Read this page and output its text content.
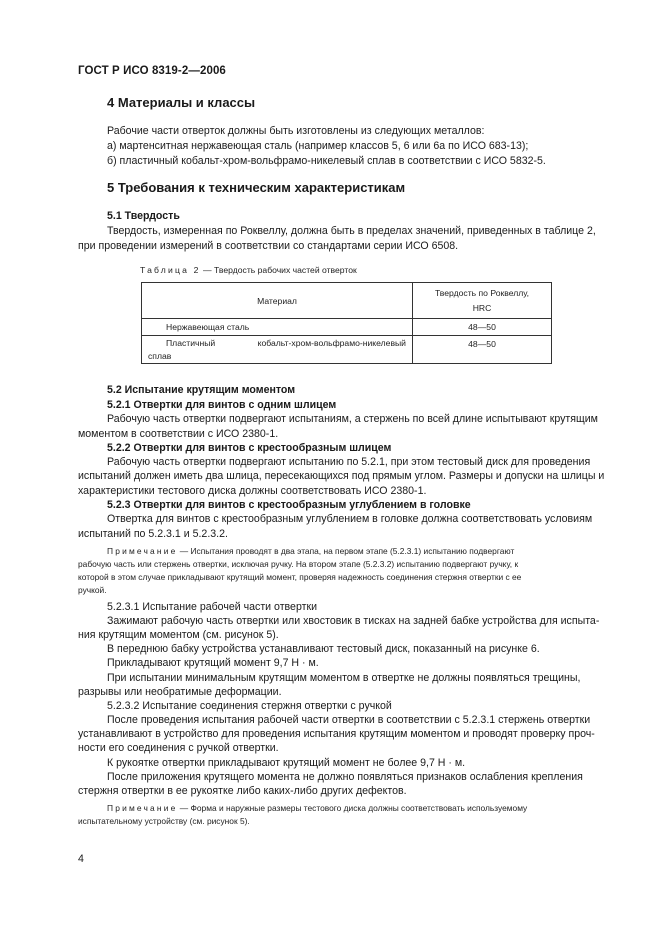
ГОСТ Р ИСО 8319-2—2006
4 Материалы и классы
Рабочие части отверток должны быть изготовлены из следующих металлов:
а) мартенситная нержавеющая сталь (например классов 5, 6 или 6а по ИСО 683-13);
б) пластичный кобальт-хром-вольфрамо-никелевый сплав в соответствии с ИСО 5832-5.
5 Требования к техническим характеристикам
5.1 Твердость
Твердость, измеренная по Роквеллу, должна быть в пределах значений, приведенных в таблице 2,
при проведении измерений в соответствии со стандартами серии ИСО 6508.
Таблица 2 — Твердость рабочих частей отверток
Материал	Твердость по Роквеллу,
HRC
Нержавеющая сталь	48—50

Пластичный кобальт-хром-вольфрамо-никелевый
сплав	48—50
5.2 Испытание крутящим моментом
5.2.1 Отвертки для винтов с одним шлицем
Рабочую часть отвертки подвергают испытаниям, а стержень по всей длине испытывают крутящим
моментом в соответствии с ИСО 2380-1.
5.2.2 Отвертки для винтов с крестообразным шлицем
Рабочую часть отвертки подвергают испытанию по 5.2.1, при этом тестовый диск для проведения
испытаний должен иметь два шлица, пересекающихся под прямым углом. Размеры и допуски на шлицы и
характеристики тестового диска должны соответствовать ИСО 2380-1.
5.2.3 Отвертки для винтов с крестообразным углублением в головке
Отвертка для винтов с крестообразным углублением в головке должна соответствовать условиям
испытаний по 5.2.3.1 и 5.2.3.2.
Примечание — Испытания проводят в два этапа, на первом этапе (5.2.3.1) испытанию подвергают
рабочую часть или стержень отвертки, исключая ручку. На втором этапе (5.2.3.2) испытанию подвергают ручку, к
которой в этом случае прикладывают крутящий момент, проверяя надежность соединения стержня отвертки с ее
ручкой.
5.2.3.1 Испытание рабочей части отвертки
Зажимают рабочую часть отвертки или хвостовик в тисках на задней бабке устройства для испыта-
ния крутящим моментом (см. рисунок 5).
В переднюю бабку устройства устанавливают тестовый диск, показанный на рисунке 6.
Прикладывают крутящий момент 9,7 Н · м.
При испытании минимальным крутящим моментом в отвертке не должны появляться трещины,
разрывы или необратимые деформации.
5.2.3.2 Испытание соединения стержня отвертки с ручкой
После проведения испытания рабочей части отвертки в соответствии с 5.2.3.1 стержень отвертки
устанавливают в устройство для проведения испытания крутящим моментом и проводят проверку проч-
ности его соединения с ручкой отвертки.
К рукоятке отвертки прикладывают крутящий момент не более 9,7 Н · м.
После приложения крутящего момента не должно появляться признаков ослабления крепления
стержня отвертки в ее рукоятке либо каких-либо других дефектов.
Примечание — Форма и наружные размеры тестового диска должны соответствовать используемому
испытательному устройству (см. рисунок 5).
4
